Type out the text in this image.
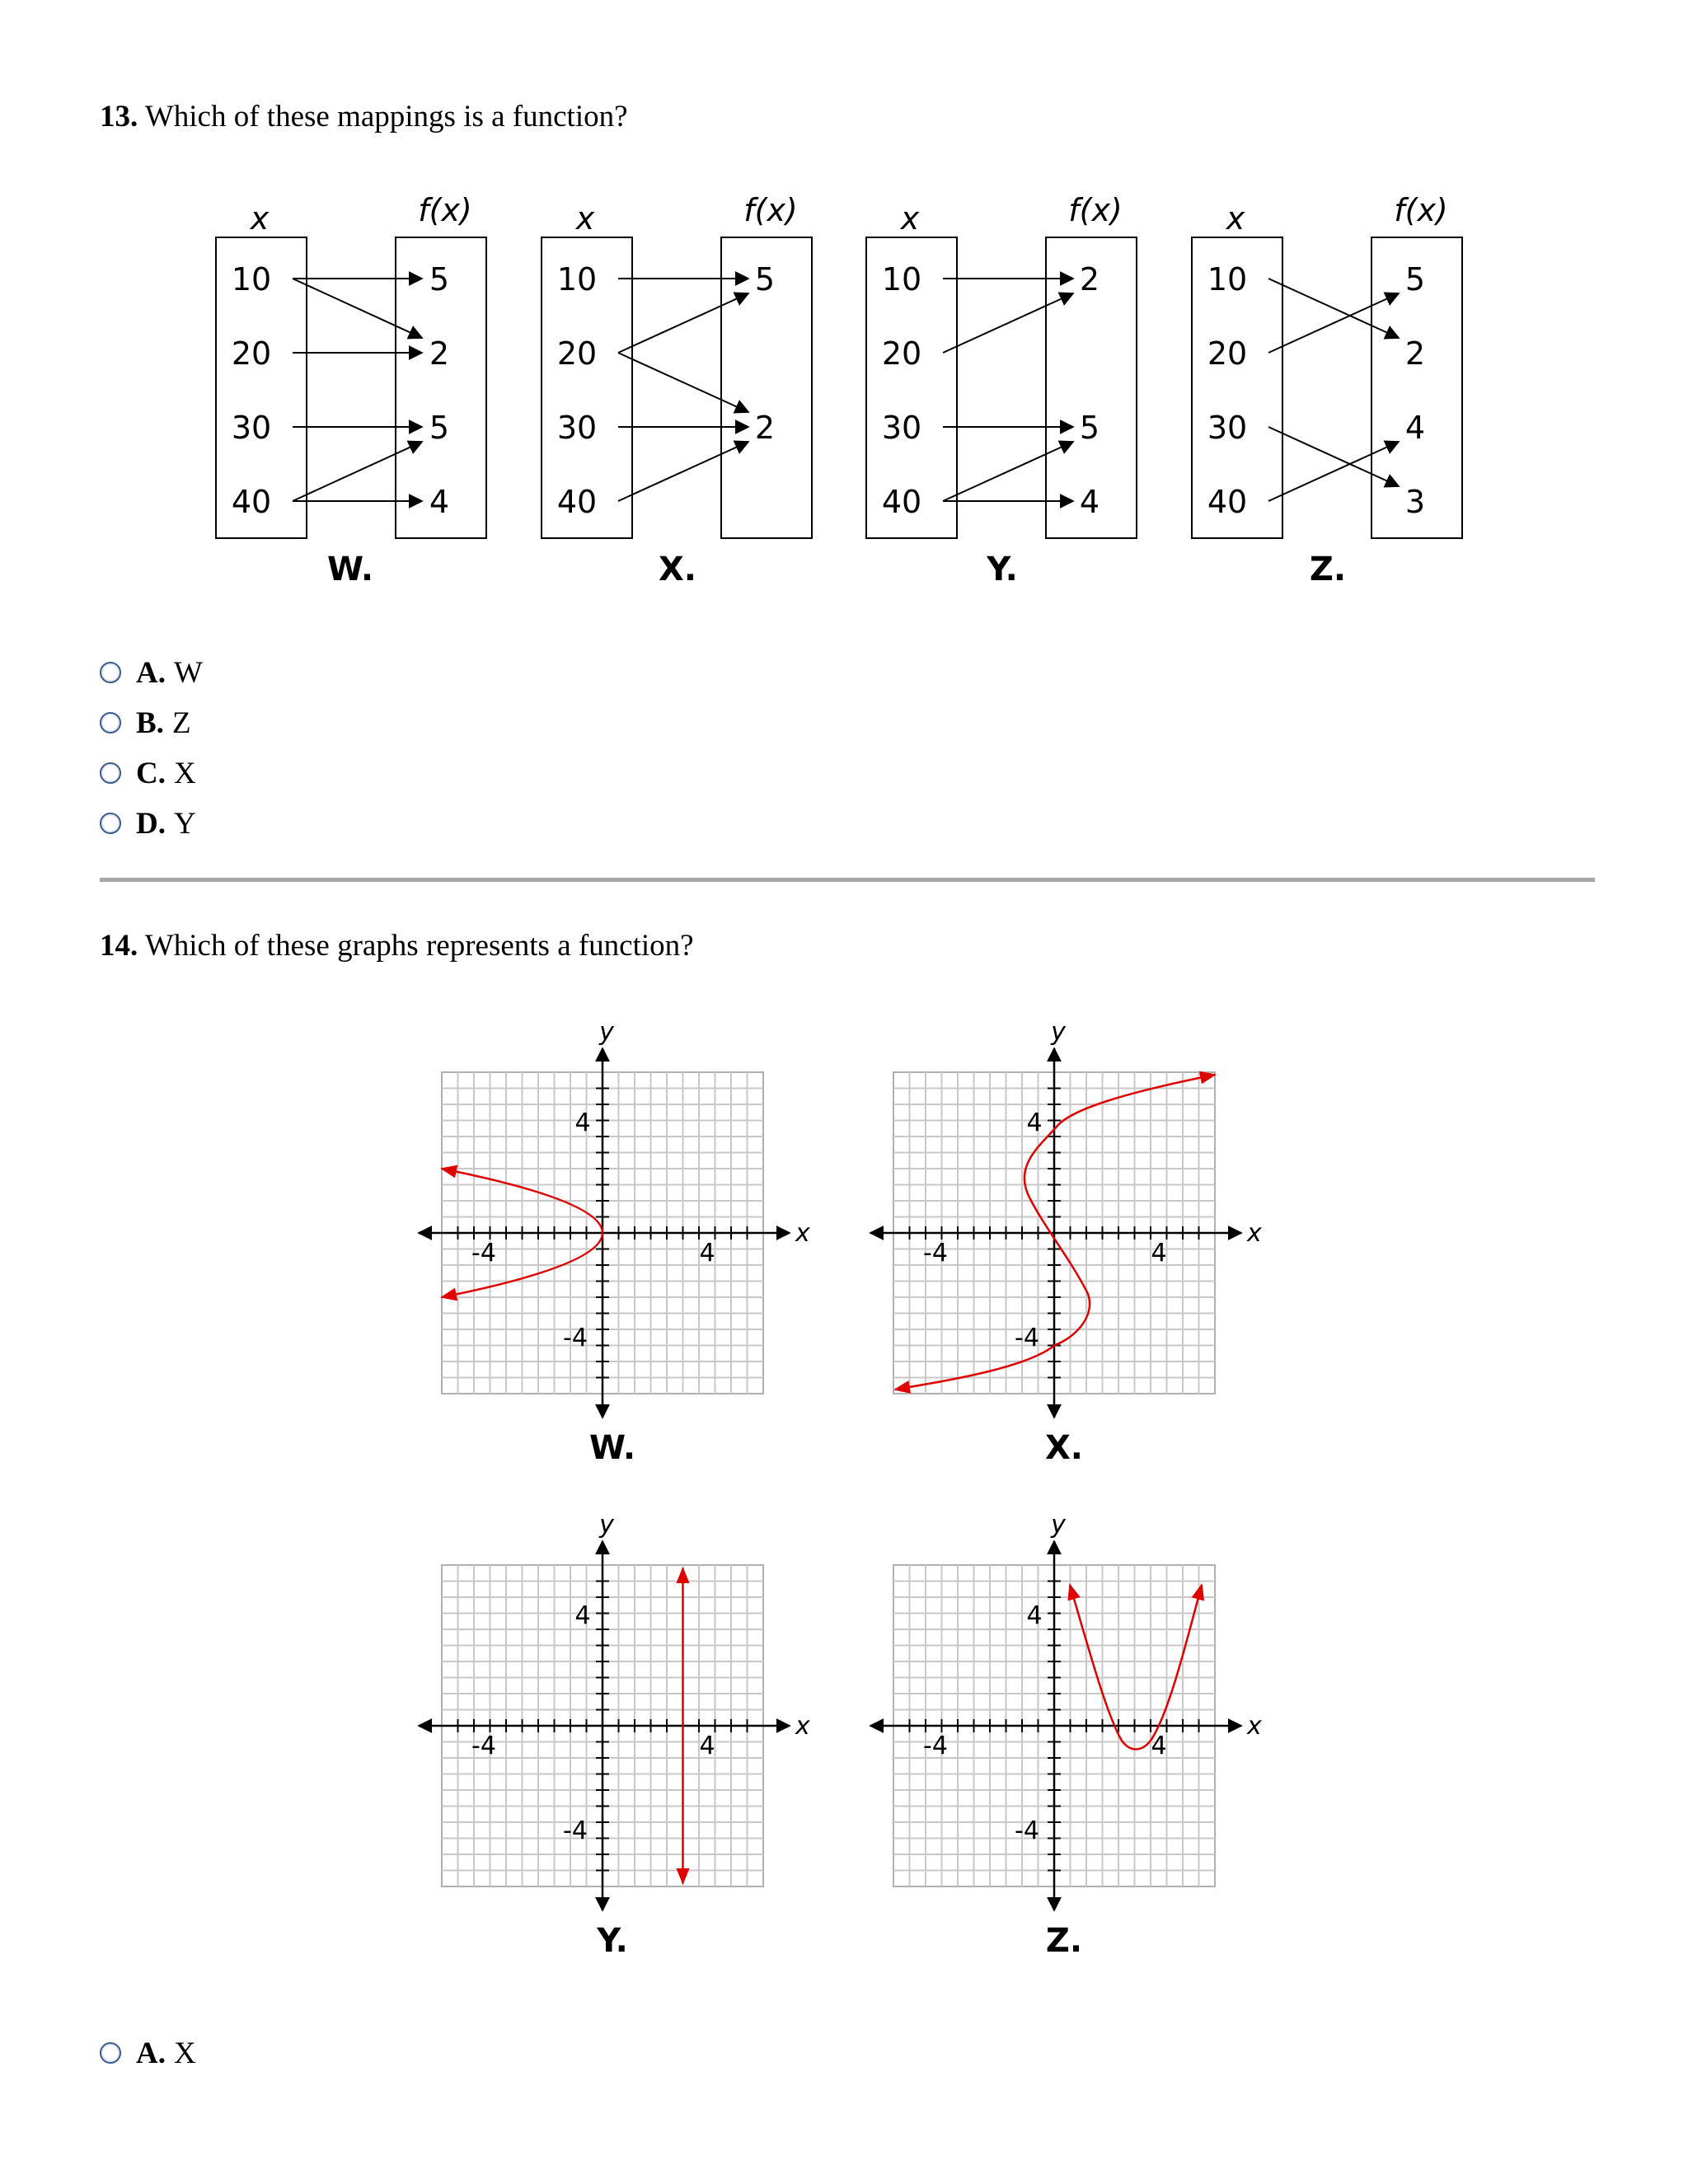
13. Which of these mappings is a function?
x	f(x)
10
20
30
40
5
2
5
4
W.
x	f(x)
10
20
30
40
5
2
X.
x	f(x)
10
20
30
40
2
5
4
Y.
x	f(x)
10
20
30
40
5
2
4
3
Z.
x
y
4
-4
-4	4
W.
x
y
4
-4
-4	4
X.
x
y
4
-4
-4	4
Y.
x
y
4
-4
-4	4
Z.
A. W
B. Z
C. X
D. Y
14. Which of these graphs represents a function?
A. X
